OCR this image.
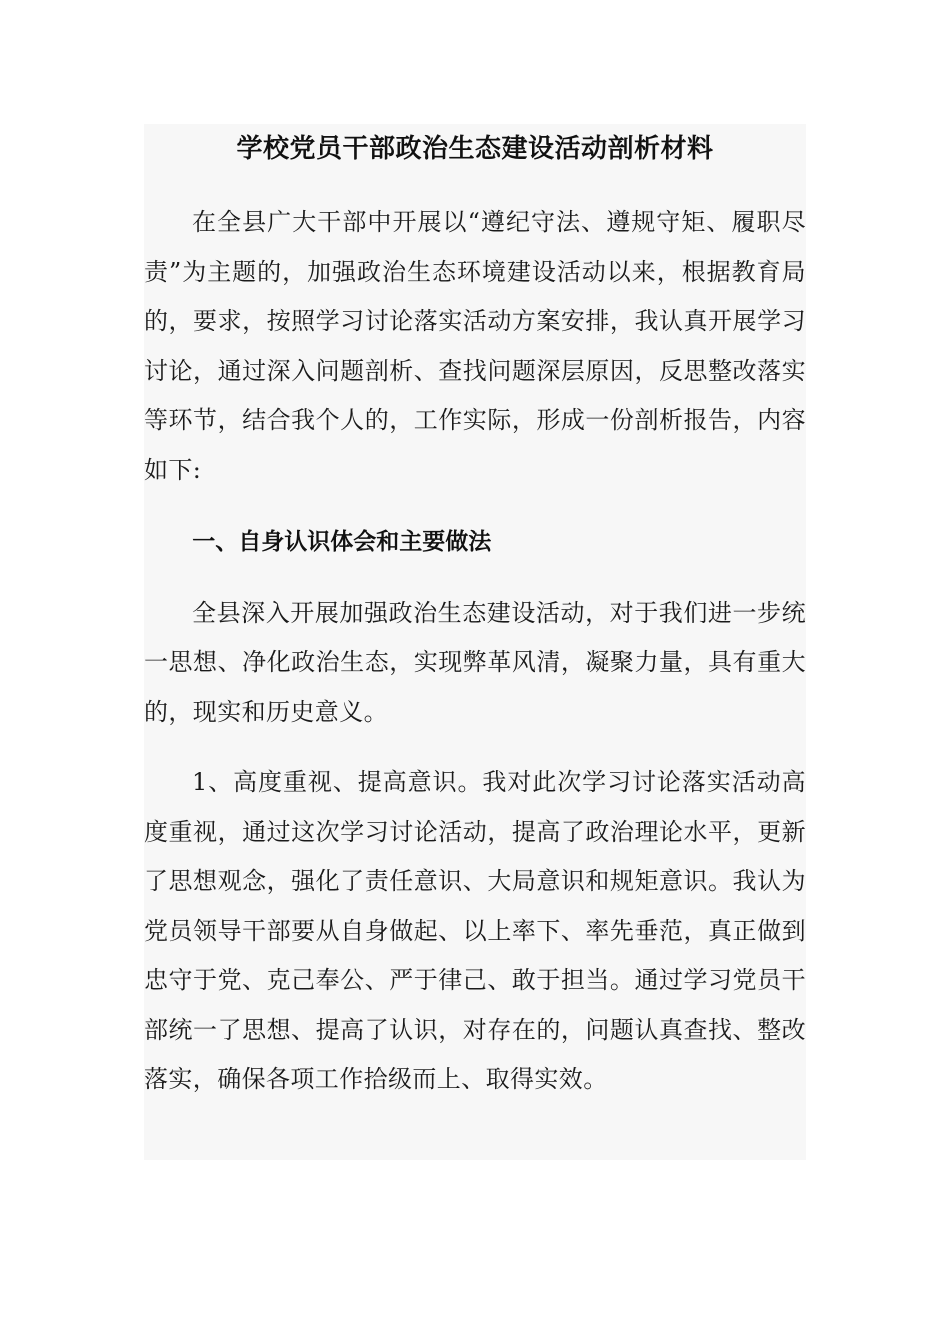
学校党员干部政治生态建设活动剖析材料

在全县广大干部中开展以“遵纪守法、遵规守矩、履职尽责”为主题的，加强政治生态环境建设活动以来，根据教育局的，要求，按照学习讨论落实活动方案安排，我认真开展学习讨论，通过深入问题剖析、查找问题深层原因，反思整改落实等环节，结合我个人的，工作实际，形成一份剖析报告，内容如下:

一、自身认识体会和主要做法

全县深入开展加强政治生态建设活动，对于我们进一步统一思想、净化政治生态，实现弊革风清，凝聚力量，具有重大的，现实和历史意义。

1、高度重视、提高意识。我对此次学习讨论落实活动高度重视，通过这次学习讨论活动，提高了政治理论水平，更新了思想观念，强化了责任意识、大局意识和规矩意识。我认为党员领导干部要从自身做起、以上率下、率先垂范，真正做到忠守于党、克己奉公、严于律己、敢于担当。通过学习党员干部统一了思想、提高了认识，对存在的，问题认真查找、整改落实，确保各项工作拾级而上、取得实效。
